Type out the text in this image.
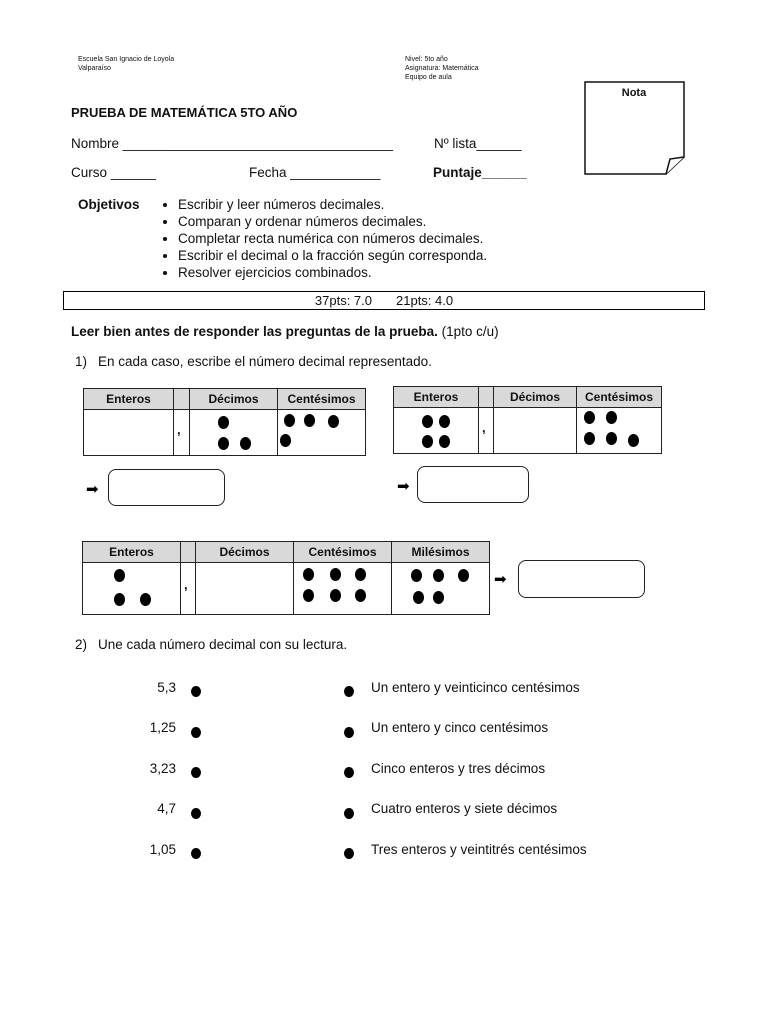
Escuela San Ignacio de Loyola
Valparaíso
Nivel: 5to año
Asignatura: Matemática
Equipo de aula
Nota
PRUEBA DE MATEMÁTICA 5TO AÑO
Nombre ____________________________________	Nº lista______
Curso ______	Fecha ____________	Puntaje______
Objetivos	• Escribir y leer números decimales.
• Comparan y ordenar números decimales.
• Completar recta numérica con números decimales.
• Escribir el decimal o la fracción según corresponda.
• Resolver ejercicios combinados.
37pts: 7.0 21pts: 4.0
Leer bien antes de responder las preguntas de la prueba. (1pto c/u)
1) En cada caso, escribe el número decimal representado.
Enteros		Décimos	Centésimos

	,		

➡
Enteros		Décimos	Centésimos

	,		

➡
Enteros		Décimos	Centésimos	Milésimos

	,			

		➡
2) Une cada número decimal con su lectura.
5,3
1,25
3,23
4,7
1,05
Un entero y veinticinco centésimos
Un entero y cinco centésimos
Cinco enteros y tres décimos
Cuatro enteros y siete décimos
Tres enteros y veintitrés centésimos
